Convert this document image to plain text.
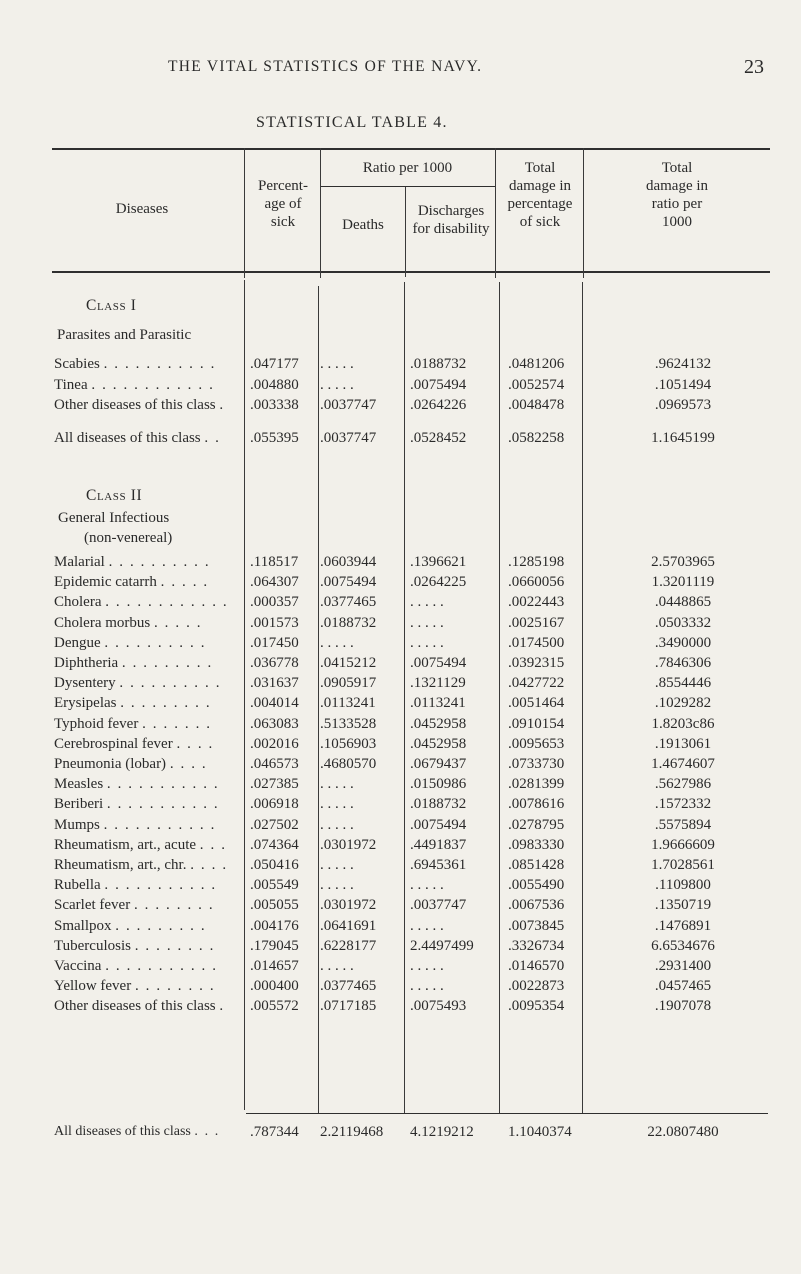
THE VITAL STATISTICS OF THE NAVY.	23
STATISTICAL TABLE 4.
Diseases
Percent-
age of
sick
Ratio per 1000
Deaths
Discharges
for disability
Total
damage in
percentage
of sick
Total
damage in
ratio per
1000
Class I
Parasites and Parasitic
Scabies . . . . . . . . . . . .047177 . . . . .	.0188732	.0481206	.9624132
Tinea . . . . . . . . . . . . .004880 . . . . .	.0075494	.0052574	.1051494
Other diseases of this class . .003338 .0037747 .0264226	.0048478	.0969573
All diseases of this class . . .055395 .0037747 .0528452	.0582258	1.1645199
Class II
General Infectious
(non-venereal)
Malarial . . . . . . . . . .	.118517 .0603944 .1396621	.1285198	2.5703965
Epidemic catarrh . . . . .	.064307 .0075494 .0264225	.0660056	1.3201119
Cholera . . . . . . . . . . . . .000357 .0377465 . . . . .	.0022443	.0448865
Cholera morbus . . . . .	.001573 .0188732 . . . . .	.0025167	.0503332
Dengue . . . . . . . . . .	.017450 . . . . .	. . . . .	.0174500	.3490000
Diphtheria . . . . . . . . . .036778 .0415212 .0075494	.0392315	.7846306
Dysentery . . . . . . . . . . .031637 .0905917 .1321129	.0427722	.8554446
Erysipelas . . . . . . . . .	.004014 .0113241 .0113241	.0051464	.1029282
Typhoid fever . . . . . . .	.063083 .5133528 .0452958	.0910154	1.8203c86
Cerebrospinal fever . . . . .002016 .1056903 .0452958	.0095653	.1913061
Pneumonia (lobar) . . . .	.046573 .4680570 .0679437	.0733730	1.4674607
Measles . . . . . . . . . . . .027385 . . . . .	.0150986	.0281399	.5627986
Beriberi . . . . . . . . . . . .006918 . . . . .	.0188732	.0078616	.1572332
Mumps . . . . . . . . . . . .027502 . . . . .	.0075494	.0278795	.5575894
Rheumatism, art., acute . . . .074364 .0301972 .4491837	.0983330	1.9666609
Rheumatism, art., chr. . . . . .050416 . . . . .	.6945361	.0851428	1.7028561
Rubella . . . . . . . . . . . .005549 . . . . .	. . . . .	.0055490	.1109800
Scarlet fever . . . . . . . . .005055 .0301972 .0037747	.0067536	.1350719
Smallpox . . . . . . . . .	.004176 .0641691 . . . . .	.0073845	.1476891
Tuberculosis . . . . . . . . .179045 .6228177 2.4497499 .3326734	6.6534676
Vaccina . . . . . . . . . . . .014657 . . . . .	. . . . .	.0146570	.2931400
Yellow fever . . . . . . . . .000400 .0377465 . . . . .	.0022873	.0457465
Other diseases of this class . .005572 .0717185 .0075493	.0095354	.1907078
All diseases of this class . . . .787344 2.2119468 4.1219212 1.1040374	22.0807480
